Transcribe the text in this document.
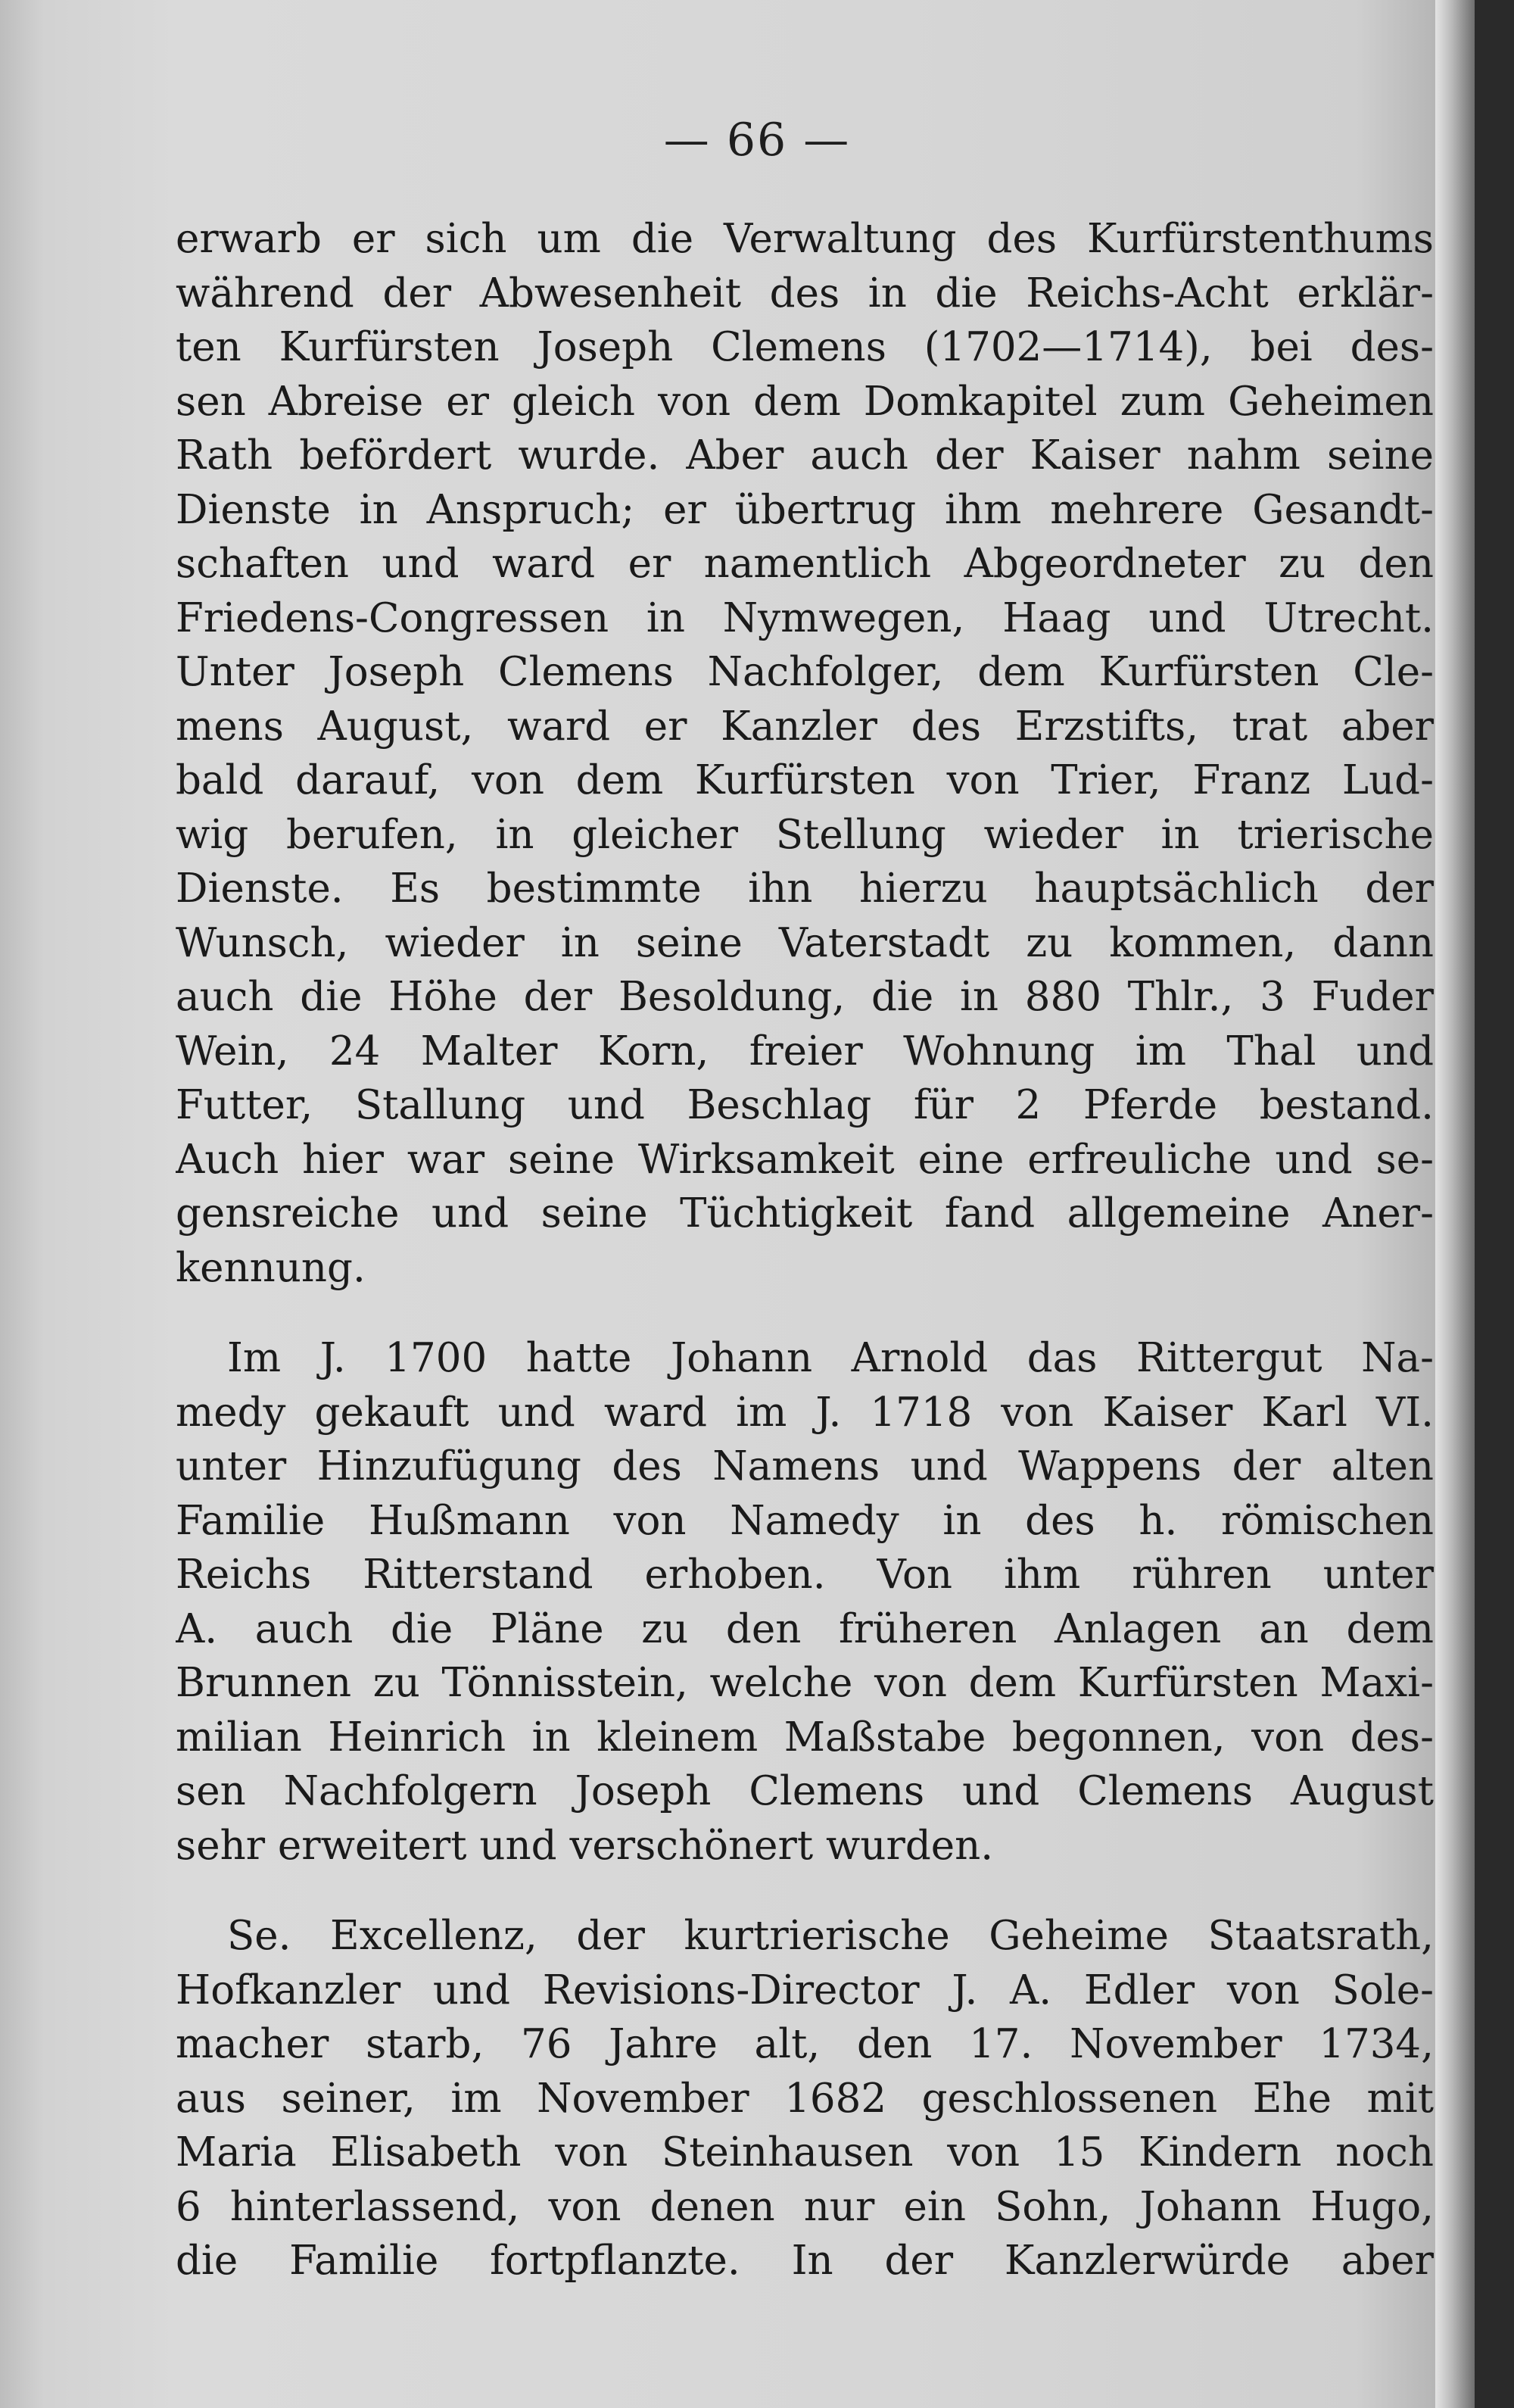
— 66 —
erwarb er sich um die Verwaltung des Kurfürstenthums
während der Abwesenheit des in die Reichs-Acht erklär-
ten Kurfürsten Joseph Clemens (1702—1714), bei des-
sen Abreise er gleich von dem Domkapitel zum Geheimen
Rath befördert wurde. Aber auch der Kaiser nahm seine
Dienste in Anspruch; er übertrug ihm mehrere Gesandt-
schaften und ward er namentlich Abgeordneter zu den
Friedens-Congressen in Nymwegen, Haag und Utrecht.
Unter Joseph Clemens Nachfolger, dem Kurfürsten Cle-
mens August, ward er Kanzler des Erzstifts, trat aber
bald darauf, von dem Kurfürsten von Trier, Franz Lud-
wig berufen, in gleicher Stellung wieder in trierische
Dienste. Es bestimmte ihn hierzu hauptsächlich der
Wunsch, wieder in seine Vaterstadt zu kommen, dann
auch die Höhe der Besoldung, die in 880 Thlr., 3 Fuder
Wein, 24 Malter Korn, freier Wohnung im Thal und
Futter, Stallung und Beschlag für 2 Pferde bestand.
Auch hier war seine Wirksamkeit eine erfreuliche und se-
gensreiche und seine Tüchtigkeit fand allgemeine Aner-
kennung.
Im J. 1700 hatte Johann Arnold das Rittergut Na-
medy gekauft und ward im J. 1718 von Kaiser Karl VI.
unter Hinzufügung des Namens und Wappens der alten
Familie Hußmann von Namedy in des h. römischen
Reichs Ritterstand erhoben. Von ihm rühren unter
A. auch die Pläne zu den früheren Anlagen an dem
Brunnen zu Tönnisstein, welche von dem Kurfürsten Maxi-
milian Heinrich in kleinem Maßstabe begonnen, von des-
sen Nachfolgern Joseph Clemens und Clemens August
sehr erweitert und verschönert wurden.
Se. Excellenz, der kurtrierische Geheime Staatsrath,
Hofkanzler und Revisions-Director J. A. Edler von Sole-
macher starb, 76 Jahre alt, den 17. November 1734,
aus seiner, im November 1682 geschlossenen Ehe mit
Maria Elisabeth von Steinhausen von 15 Kindern noch
6 hinterlassend, von denen nur ein Sohn, Johann Hugo,
die Familie fortpflanzte. In der Kanzlerwürde aber
